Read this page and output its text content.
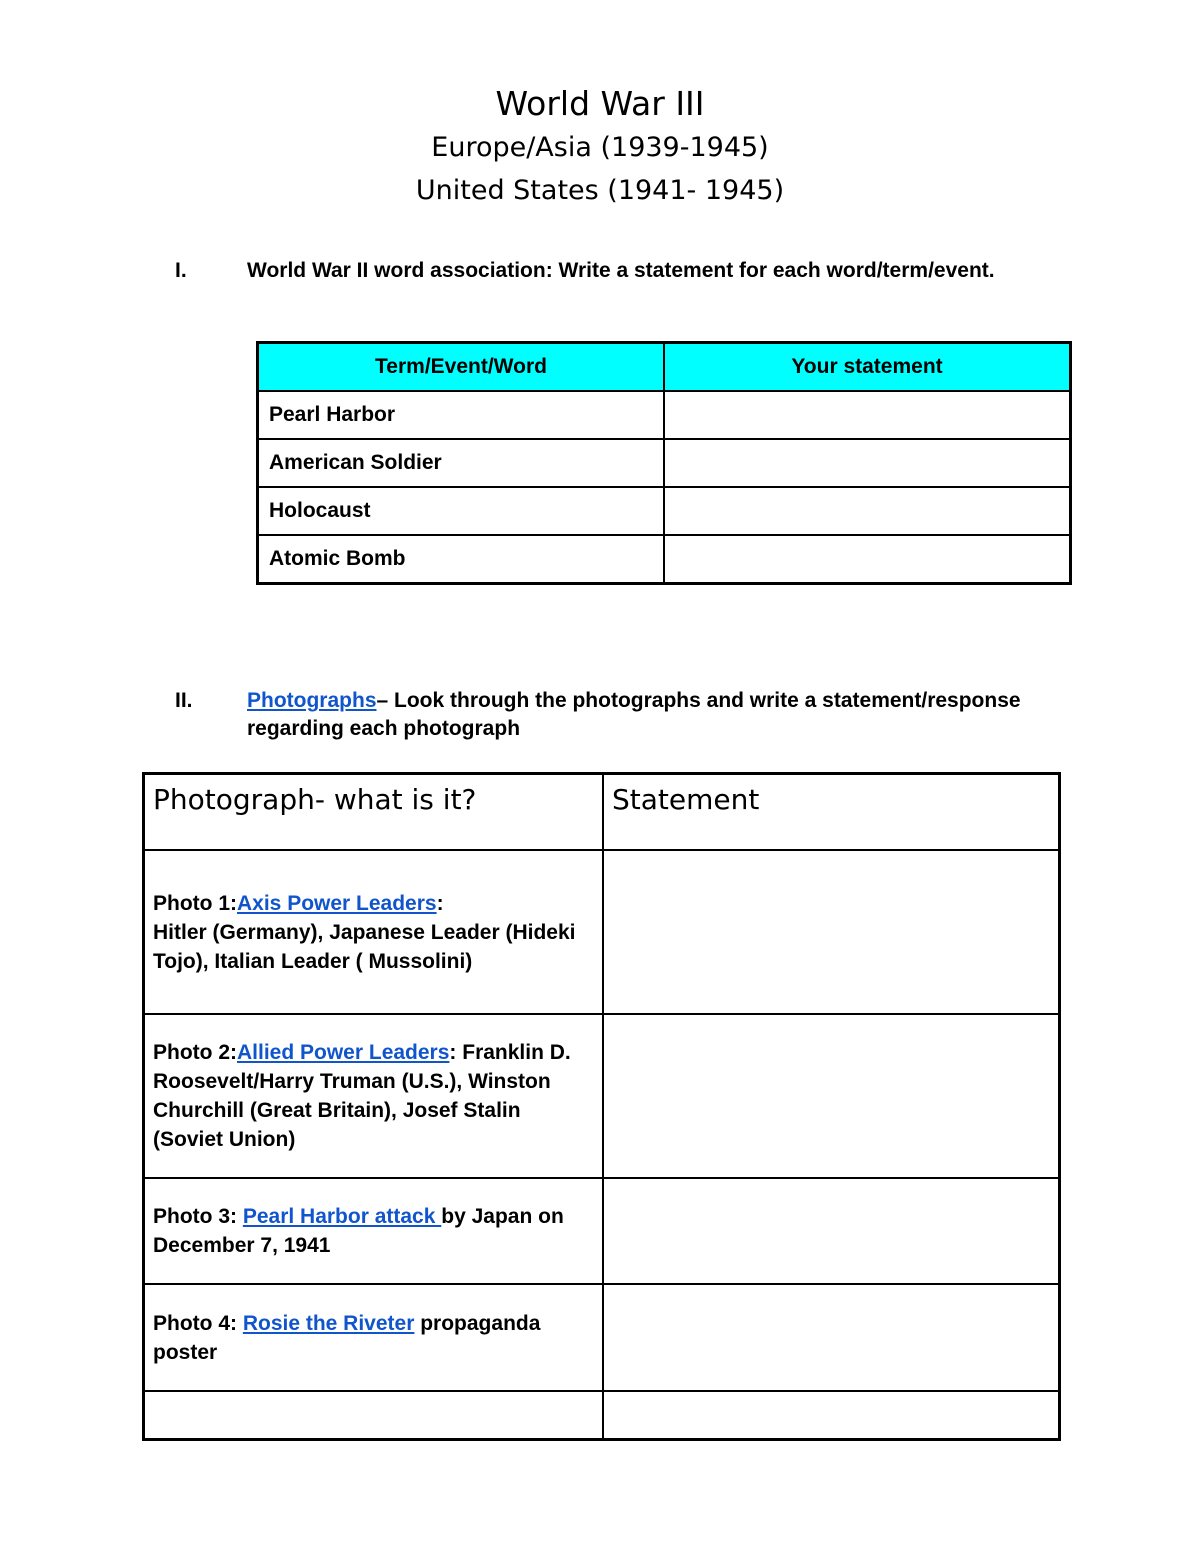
World War III
Europe/Asia (1939-1945)
United States (1941- 1945)
I.	World War II word association: Write a statement for each word/term/event.
Term/Event/Word	Your statement
Pearl Harbor	
American Soldier	
Holocaust	
Atomic Bomb	
II.	Photographs– Look through the photographs and write a statement/response regarding each photograph
Photograph- what is it?	Statement
Photo 1:Axis Power Leaders:
Hitler (Germany), Japanese Leader (Hideki Tojo), Italian Leader ( Mussolini)	
Photo 2:Allied Power Leaders: Franklin D. Roosevelt/Harry Truman (U.S.), Winston Churchill (Great Britain), Josef Stalin (Soviet Union)	
Photo 3: Pearl Harbor attack by Japan on December 7, 1941	
Photo 4: Rosie the Riveter propaganda poster	
